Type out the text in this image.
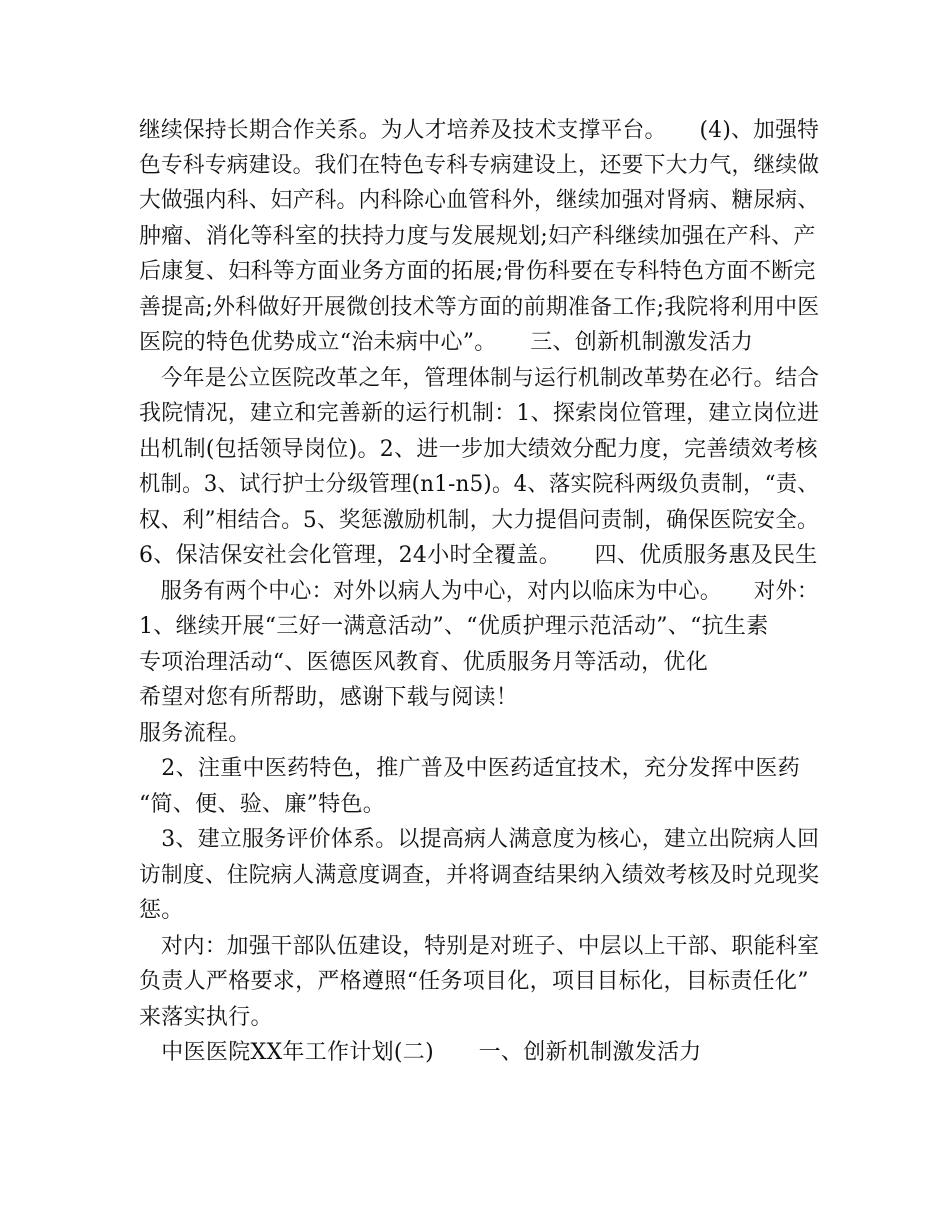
继续保持长期合作关系。为人才培养及技术支撑平台。　　(4)、加强特
色专科专病建设。我们在特色专科专病建设上，还要下大力气，继续做
大做强内科、妇产科。内科除心血管科外，继续加强对肾病、糖尿病、
肿瘤、消化等科室的扶持力度与发展规划;妇产科继续加强在产科、产
后康复、妇科等方面业务方面的拓展;骨伤科要在专科特色方面不断完
善提高;外科做好开展微创技术等方面的前期准备工作;我院将利用中医
医院的特色优势成立“治未病中心”。　　三、创新机制激发活力
　今年是公立医院改革之年，管理体制与运行机制改革势在必行。结合
我院情况，建立和完善新的运行机制：1、探索岗位管理，建立岗位进
出机制(包括领导岗位)。2、进一步加大绩效分配力度，完善绩效考核
机制。3、试行护士分级管理(n1-n5)。4、落实院科两级负责制，“责、
权、利”相结合。5、奖惩激励机制，大力提倡问责制，确保医院安全。
6、保洁保安社会化管理，24小时全覆盖。　　四、优质服务惠及民生
　服务有两个中心：对外以病人为中心，对内以临床为中心。　　对外：
1、继续开展“三好一满意活动”、“优质护理示范活动”、“抗生素
专项治理活动“、医德医风教育、优质服务月等活动，优化
希望对您有所帮助，感谢下载与阅读！
服务流程。
　2、注重中医药特色，推广普及中医药适宜技术，充分发挥中医药
“简、便、验、廉”特色。
　3、建立服务评价体系。以提高病人满意度为核心，建立出院病人回
访制度、住院病人满意度调查，并将调查结果纳入绩效考核及时兑现奖
惩。
　对内：加强干部队伍建设，特别是对班子、中层以上干部、职能科室
负责人严格要求，严格遵照“任务项目化，项目目标化，目标责任化”
来落实执行。
　中医医院XX年工作计划(二)　　一、创新机制激发活力
